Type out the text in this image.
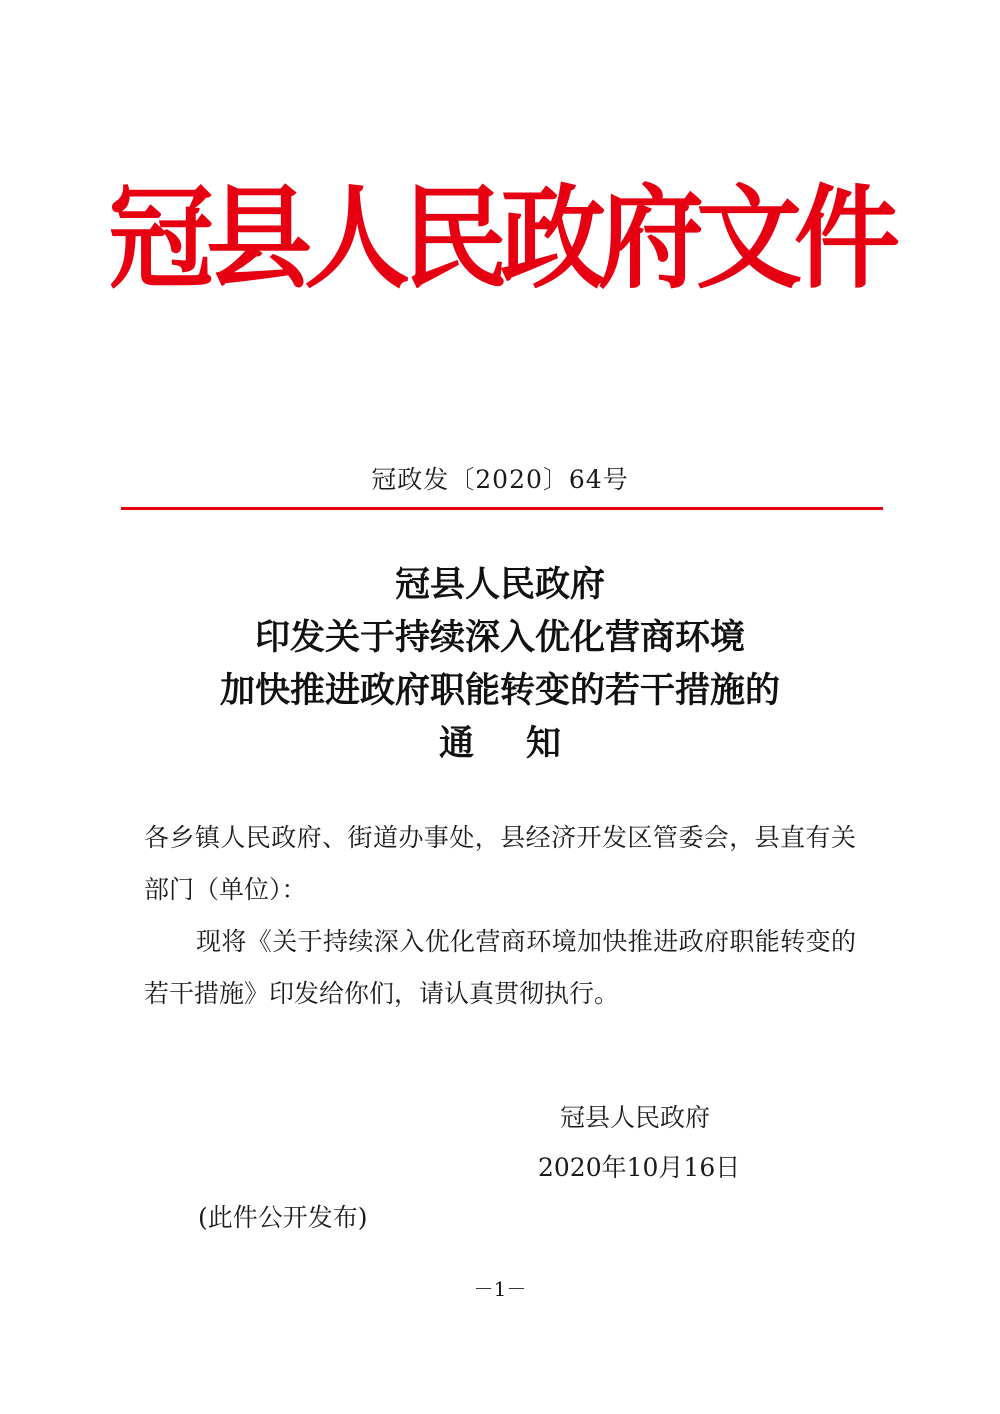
冠县人民政府文件
冠政发〔2020〕64号
冠县人民政府
印发关于持续深入优化营商环境
加快推进政府职能转变的若干措施的
通知
各乡镇人民政府、街道办事处，县经济开发区管委会，县直有关部门（单位）：
现将《关于持续深入优化营商环境加快推进政府职能转变的若干措施》印发给你们，请认真贯彻执行。
冠县人民政府
2020年10月16日
(此件公开发布)
－1－
